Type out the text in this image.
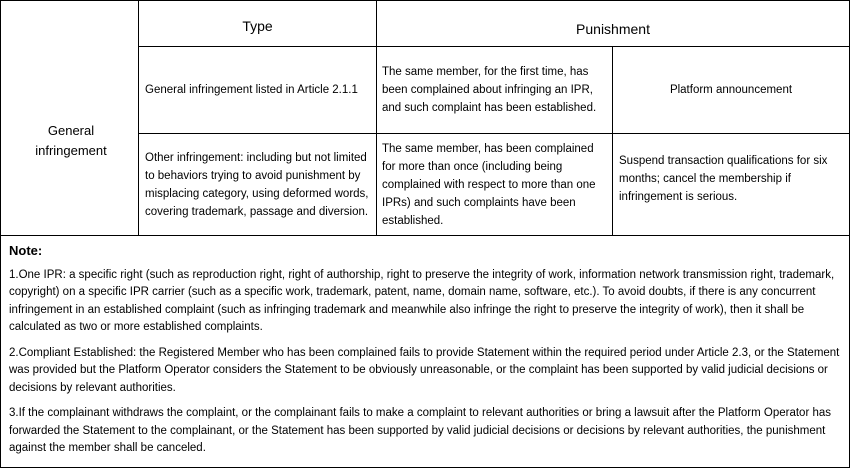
Type	Punishment
General infringement
General infringement listed in Article 2.1.1
The same member, for the first time, has been complained about infringing an IPR, and such complaint has been established.
Platform announcement
Other infringement: including but not limited to behaviors trying to avoid punishment by misplacing category, using deformed words, covering trademark, passage and diversion.
The same member, has been complained for more than once (including being complained with respect to more than one IPRs) and such complaints have been established.
Suspend transaction qualifications for six months; cancel the membership if infringement is serious.
Note:

1.One IPR: a specific right (such as reproduction right, right of authorship, right to preserve the integrity of work, information network transmission right, trademark, copyright) on a specific IPR carrier (such as a specific work, trademark, patent, name, domain name, software, etc.). To avoid doubts, if there is any concurrent infringement in an established complaint (such as infringing trademark and meanwhile also infringe the right to preserve the integrity of work), then it shall be calculated as two or more established complaints.

2.Compliant Established: the Registered Member who has been complained fails to provide Statement within the required period under Article 2.3, or the Statement was provided but the Platform Operator considers the Statement to be obviously unreasonable, or the complaint has been supported by valid judicial decisions or decisions by relevant authorities.

3.If the complainant withdraws the complaint, or the complainant fails to make a complaint to relevant authorities or bring a lawsuit after the Platform Operator has forwarded the Statement to the complainant, or the Statement has been supported by valid judicial decisions or decisions by relevant authorities, the punishment against the member shall be canceled.
